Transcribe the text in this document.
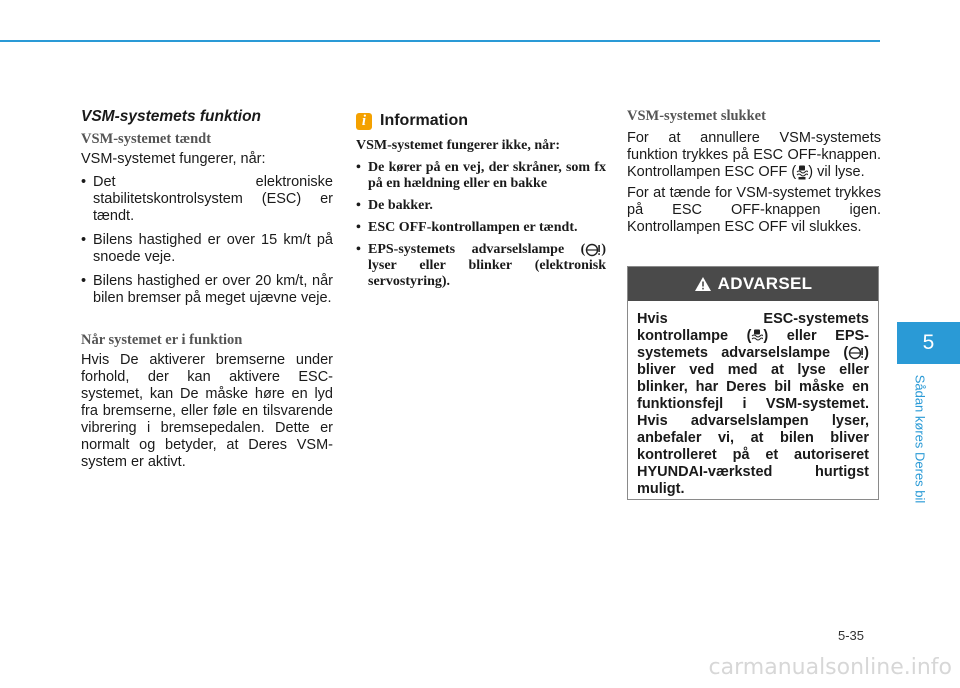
VSM-systemets funktion
VSM-systemet tændt

VSM-systemet fungerer, når:

• Det elektroniske stabilitetskontrolsystem (ESC) er tændt.
• Bilens hastighed er over 15 km/t på snoede veje.
• Bilens hastighed er over 20 km/t, når bilen bremser på meget ujævne veje.
Når systemet er i funktion

Hvis De aktiverer bremserne under forhold, der kan aktivere ESC-systemet, kan De måske høre en lyd fra bremserne, eller føle en tilsvarende vibrering i bremsepedalen. Dette er normalt og betyder, at Deres VSM-system er aktivt.

i Information

VSM-systemet fungerer ikke, når:

• De kører på en vej, der skråner, som fx på en hældning eller en bakke
• De bakker.
• ESC OFF-kontrollampen er tændt.
• EPS-systemets advarselslampe ( ) lyser eller blinker (elektronisk servostyring).
VSM-systemet slukket

For at annullere VSM-systemets funktion trykkes på ESC OFF-knappen. Kontrollampen ESC OFF ( ) vil lyse.

For at tænde for VSM-systemet trykkes på ESC OFF-knappen igen. Kontrollampen ESC OFF vil slukkes.

ADVARSEL
Hvis ESC-systemets kontrollampe ( ) eller EPS-systemets advarselslampe ( ) bliver ved med at lyse eller blinker, har Deres bil måske en funktionsfejl i VSM-systemet. Hvis advarselslampen lyser, anbefaler vi, at bilen bliver kontrolleret på et autoriseret HYUNDAI-værksted hurtigst muligt.
5
Sådan køres Deres bil
5-35
carmanualsonline.info
